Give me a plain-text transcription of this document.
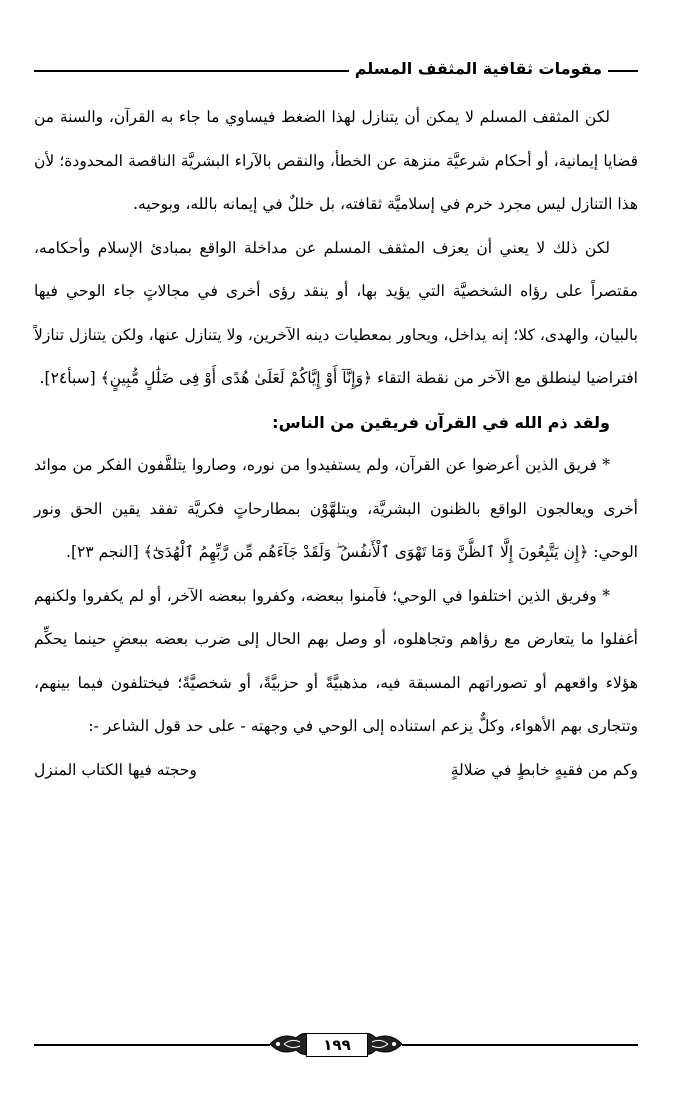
مقومات ثقافية المثقف المسلم

لكن المثقف المسلم لا يمكن أن يتنازل لهذا الضغط فيساوي ما جاء به القرآن، والسنة من قضايا إيمانية، أو أحكام شرعيَّة منزهة عن الخطأ، والنقص بالآراء البشريَّة الناقصة المحدودة؛ لأن هذا التنازل ليس مجرد خرم في إسلاميَّة ثقافته، بل خللٌ في إيمانه بالله، وبوحيه.

لكن ذلك لا يعني أن يعزف المثقف المسلم عن مداخلة الواقع بمبادئ الإسلام وأحكامه، مقتصراً على رؤاه الشخصيَّة التي يؤيد بها، أو ينقد رؤى أخرى في مجالاتٍ جاء الوحي فيها بالبيان، والهدى، كلا؛ إنه يداخل، ويحاور بمعطيات دينه الآخرين، ولا يتنازل عنها، ولكن يتنازل تنازلاً افتراضيا لينطلق مع الآخر من نقطة التقاء ﴿وَإِنَّآ أَوْ إِيَّاكُمْ لَعَلَىٰ هُدًى أَوْ فِى ضَلَٰلٍ مُّبِينٍ﴾ [سبأ٢٤].

ولقد ذم الله في القرآن فريقين من الناس:

* فريق الذين أعرضوا عن القرآن، ولم يستفيدوا من نوره، وصاروا يتلقَّفون الفكر من موائد أخرى ويعالجون الواقع بالظنون البشريَّة، ويتلهَّوْن بمطارحاتٍ فكريَّة تفقد يقين الحق ونور الوحي: ﴿إِن يَتَّبِعُونَ إِلَّا ٱلظَّنَّ وَمَا تَهْوَى ٱلْأَنفُسُ ۖ وَلَقَدْ جَآءَهُم مِّن رَّبِّهِمُ ٱلْهُدَىٰٓ﴾ [النجم ٢٣].

* وفريق الذين اختلفوا في الوحي؛ فآمنوا ببعضه، وكفروا ببعضه الآخر، أو لم يكفروا ولكنهم أغفلوا ما يتعارض مع رؤاهم وتجاهلوه، أو وصل بهم الحال إلى ضرب بعضه ببعضٍ حينما يحكِّم هؤلاء واقعهم أو تصوراتهم المسبقة فيه، مذهبيَّةً أو حزبيَّةً، أو شخصيَّةً؛ فيختلفون فيما بينهم، وتتجارى بهم الأهواء، وكلٌّ يزعم استناده إلى الوحي في وجهته - على حد قول الشاعر -:

وكم من فقيهٍ خابطٍ في ضلالةٍ
وحجته فيها الكتاب المنزل
١٩٩
